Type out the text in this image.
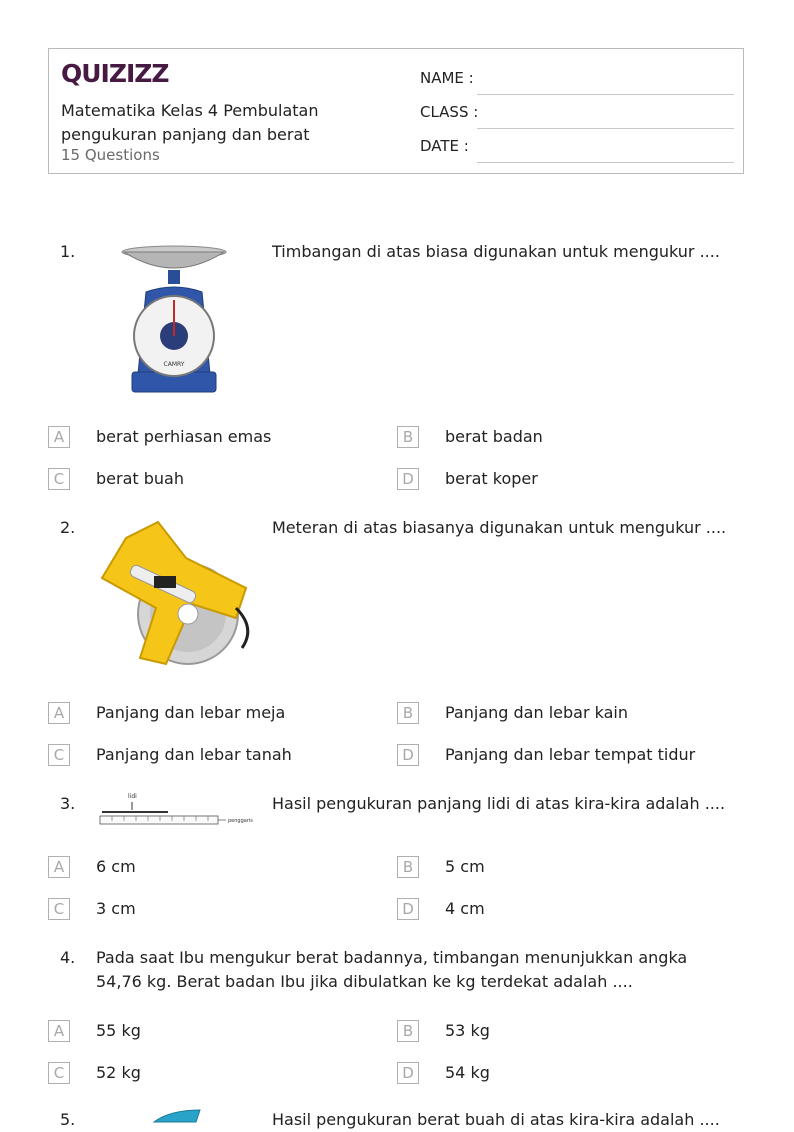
QUIZIZZ
Matematika Kelas 4 Pembulatan pengukuran panjang dan berat
15 Questions
NAME :
CLASS :
DATE :
1.
CAMRY
Timbangan di atas biasa digunakan untuk mengukur ....
A	berat perhiasan emas	B	berat badan
C	berat buah	D	berat koper
2.	Meteran di atas biasanya digunakan untuk mengukur ....
A	Panjang dan lebar meja	B	Panjang dan lebar kain
C	Panjang dan lebar tanah	D	Panjang dan lebar tempat tidur
3.	lidi
penggaris
Hasil pengukuran panjang lidi di atas kira-kira adalah ....
A	6 cm	B	5 cm
C	3 cm	D	4 cm
4. Pada saat Ibu mengukur berat badannya, timbangan menunjukkan angka 54,76 kg. Berat badan Ibu jika dibulatkan ke kg terdekat adalah ....
A	55 kg	B	53 kg
C	52 kg	D	54 kg
5.	Hasil pengukuran berat buah di atas kira-kira adalah ....
